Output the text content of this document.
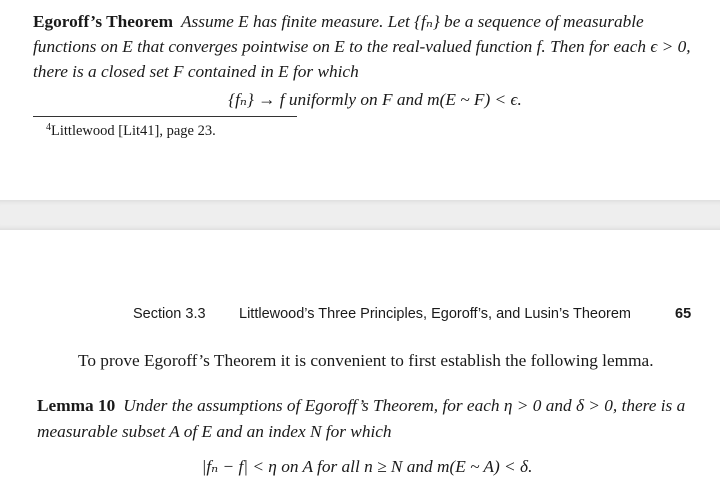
Egoroff’s Theorem Assume E has finite measure. Let {fₙ} be a sequence of measurable functions on E that converges pointwise on E to the real-valued function f. Then for each ϵ > 0, there is a closed set F contained in E for which
{fₙ} → f uniformly on F and m(E ~ F) < ϵ.
$^4$Littlewood [Lit41], page 23.
Section 3.3 Littlewood’s Three Principles, Egoroff’s, and Lusin’s Theorem	65
To prove Egoroff’s Theorem it is convenient to first establish the following lemma.
Lemma 10 Under the assumptions of Egoroff’s Theorem, for each η > 0 and δ > 0, there is a measurable subset A of E and an index N for which
|fₙ − f| < η on A for all n ≥ N and m(E ~ A) < δ.
